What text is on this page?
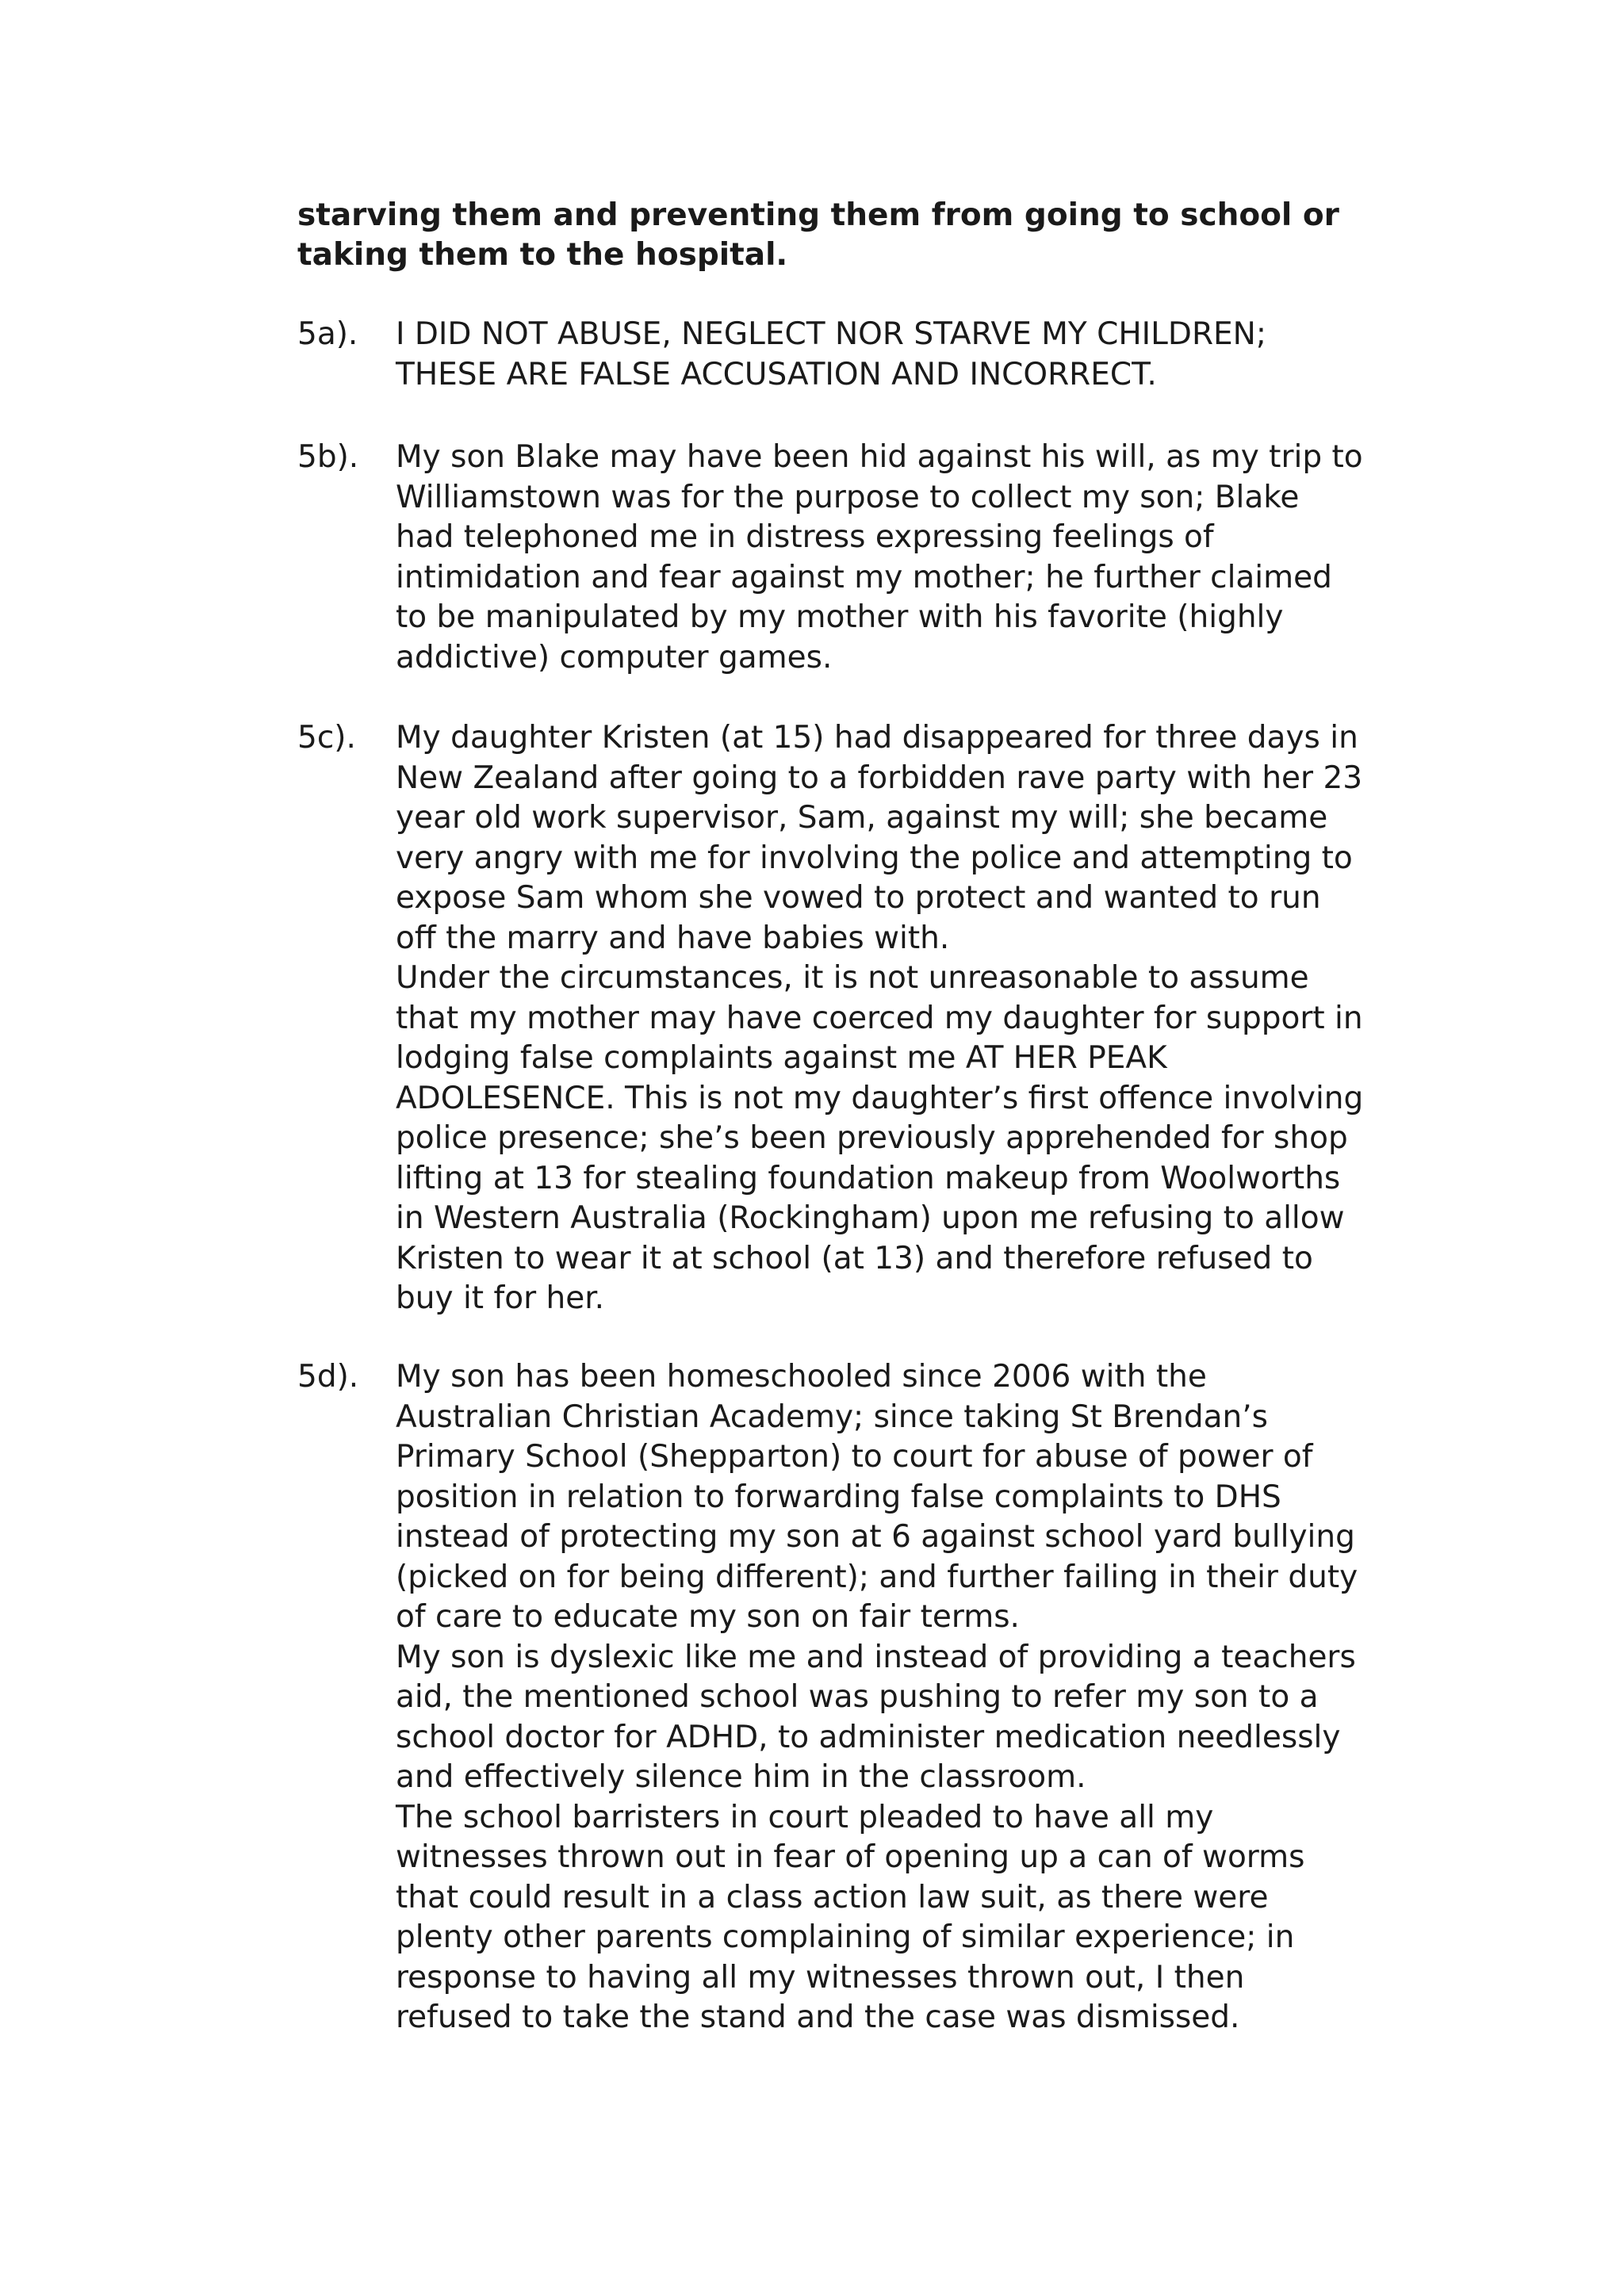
starving them and preventing them from going to school or
taking them to the hospital.
5a).	I DID NOT ABUSE, NEGLECT NOR STARVE MY CHILDREN;
THESE ARE FALSE ACCUSATION AND INCORRECT.
5b).	My son Blake may have been hid against his will, as my trip to
Williamstown was for the purpose to collect my son; Blake
had telephoned me in distress expressing feelings of
intimidation and fear against my mother; he further claimed
to be manipulated by my mother with his favorite (highly
addictive) computer games.
5c).	My daughter Kristen (at 15) had disappeared for three days in
New Zealand after going to a forbidden rave party with her 23
year old work supervisor, Sam, against my will; she became
very angry with me for involving the police and attempting to
expose Sam whom she vowed to protect and wanted to run
off the marry and have babies with.
Under the circumstances, it is not unreasonable to assume
that my mother may have coerced my daughter for support in
lodging false complaints against me AT HER PEAK
ADOLESENCE. This is not my daughter’s first offence involving
police presence; she’s been previously apprehended for shop
lifting at 13 for stealing foundation makeup from Woolworths
in Western Australia (Rockingham) upon me refusing to allow
Kristen to wear it at school (at 13) and therefore refused to
buy it for her.
5d).	My son has been homeschooled since 2006 with the
Australian Christian Academy; since taking St Brendan’s
Primary School (Shepparton) to court for abuse of power of
position in relation to forwarding false complaints to DHS
instead of protecting my son at 6 against school yard bullying
(picked on for being different); and further failing in their duty
of care to educate my son on fair terms.
My son is dyslexic like me and instead of providing a teachers
aid, the mentioned school was pushing to refer my son to a
school doctor for ADHD, to administer medication needlessly
and effectively silence him in the classroom.
The school barristers in court pleaded to have all my
witnesses thrown out in fear of opening up a can of worms
that could result in a class action law suit, as there were
plenty other parents complaining of similar experience; in
response to having all my witnesses thrown out, I then
refused to take the stand and the case was dismissed.
